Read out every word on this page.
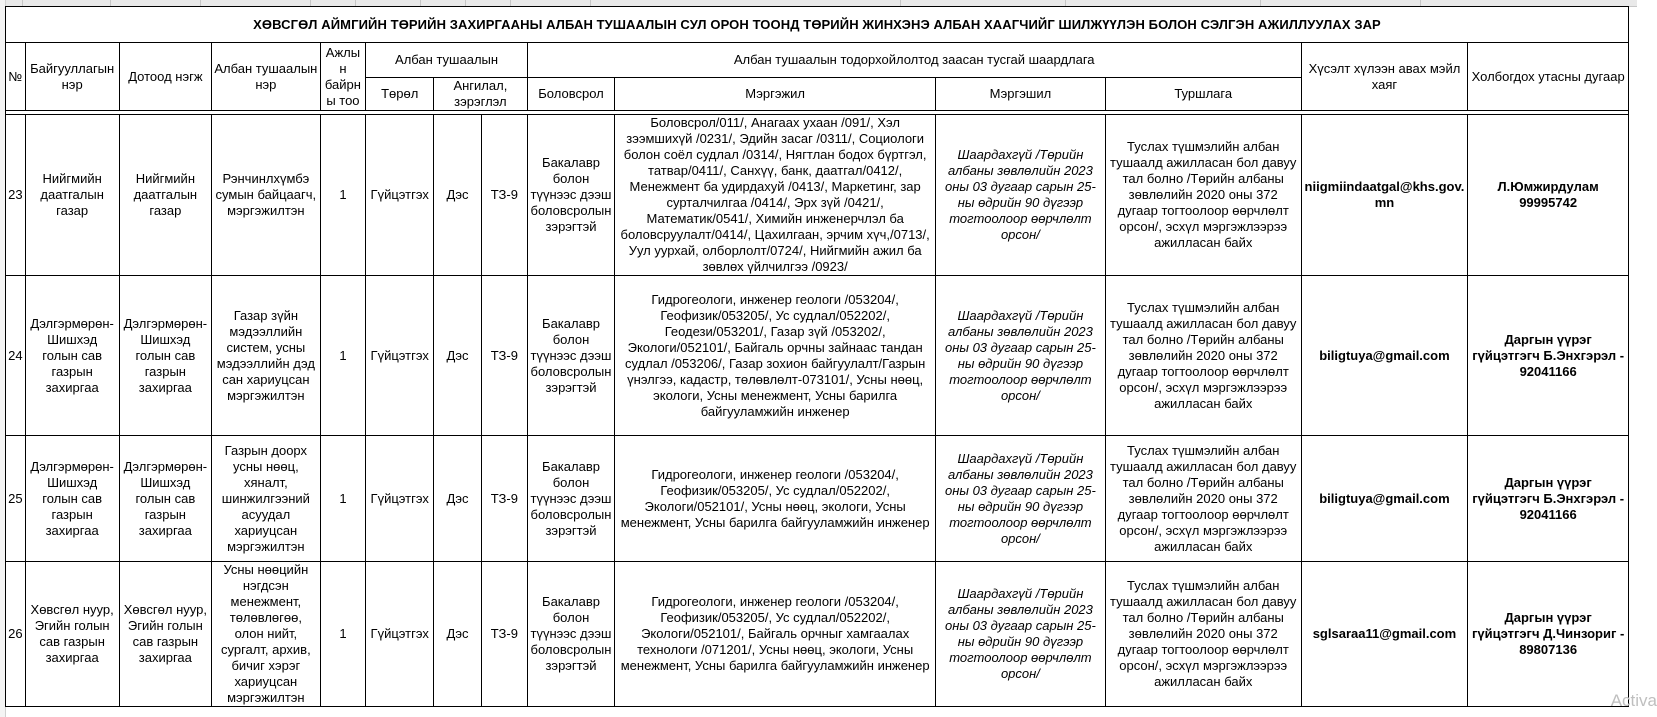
ХӨВСГӨЛ АЙМГИЙН ТӨРИЙН ЗАХИРГААНЫ АЛБАН ТУШААЛЫН СУЛ ОРОН ТООНД ТӨРИЙН ЖИНХЭНЭ АЛБАН ХААГЧИЙГ ШИЛЖҮҮЛЭН БОЛОН СЭЛГЭН АЖИЛЛУУЛАХ ЗАР													
№	Байгууллагын нэр	Дотоод нэгж	Албан тушаалын нэр	Ажлын байрны тоо	Албан тушаалын			Албан тушаалын тодорхойлолтод заасан тусгай шаардлага				Хүсэлт хүлээн авах мэйл хаяг	Холбогдох утасны дугаар
					Төрөл	Ангилал, зэрэглэл		Боловсрол	Мэргэжил	Мэргэшил	Туршлага		

23	Нийгмийн даатгалын газар	Нийгмийн даатгалын газар	Рэнчинлхүмбэ сумын байцаагч, мэргэжилтэн	1	Гүйцэтгэх	Дэс	ТЗ-9	Бакалавр болон түүнээс дээш боловсролын зэрэгтэй	Боловсрол/011/, Анагаах ухаан /091/, Хэл зээмшихүй /0231/, Эдийн засаг /0311/, Социологи болон соёл судлал /0314/, Нягтлан бодох бүртгэл, татвар/0411/, Санхүү, банк, даатгал/0412/, Менежмент ба удирдахуй /0413/, Маркетинг, зар сурталчилгаа /0414/, Эрх зүй /0421/, Математик/0541/, Химийн инженерчлэл ба боловсруулалт/0414/, Цахилгаан, эрчим хүч,/0713/, Уул уурхай, олборлолт/0724/, Нийгмийн ажил ба зөвлөх үйлчилгээ /0923/	Шаардахгүй /Төрийн албаны зөвлөлийн 2023 оны 03 дугаар сарын 25-ны өдрийн 90 дүгээр тогтоолоор өөрчлөлт орсон/	Туслах түшмэлийн албан тушаалд ажилласан бол давуу тал болно /Төрийн албаны зөвлөлийн 2020 оны 372 дугаар тогтоолоор өөрчлөлт орсон/, эсхүл мэргэжлээрээ ажилласан байх	niigmiindaatgal@khs.gov.mn	Л.Юмжирдулам 99995742
24	Дэлгэрмөрөн-Шишхэд голын сав газрын захиргаа	Дэлгэрмөрөн-Шишхэд голын сав газрын захиргаа	Газар зүйн мэдээллийн систем, усны мэдээллийн дэд сан хариуцсан мэргэжилтэн	1	Гүйцэтгэх	Дэс	ТЗ-9	Бакалавр болон түүнээс дээш боловсролын зэрэгтэй	Гидрогеологи, инженер геологи /053204/, Геофизик/053205/, Ус судлал/052202/, Геодези/053201/, Газар зүй /053202/, Экологи/052101/, Байгаль орчны зайнаас тандан судлал /053206/, Газар зохион байгуулалт/Газрын үнэлгээ, кадастр, төлөвлөлт-073101/, Усны нөөц, экологи, Усны менежмент, Усны барилга байгууламжийн инженер	Шаардахгүй /Төрийн албаны зөвлөлийн 2023 оны 03 дугаар сарын 25-ны өдрийн 90 дүгээр тогтоолоор өөрчлөлт орсон/	Туслах түшмэлийн албан тушаалд ажилласан бол давуу тал болно /Төрийн албаны зөвлөлийн 2020 оны 372 дугаар тогтоолоор өөрчлөлт орсон/, эсхүл мэргэжлээрээ ажилласан байх	biligtuya@gmail.com	Даргын үүрэг гүйцэтгэгч Б.Энхгэрэл - 92041166
25	Дэлгэрмөрөн-Шишхэд голын сав газрын захиргаа	Дэлгэрмөрөн-Шишхэд голын сав газрын захиргаа	Газрын доорх усны нөөц, хяналт, шинжилгээний асуудал хариуцсан мэргэжилтэн	1	Гүйцэтгэх	Дэс	ТЗ-9	Бакалавр болон түүнээс дээш боловсролын зэрэгтэй	Гидрогеологи, инженер геологи /053204/, Геофизик/053205/, Ус судлал/052202/, Экологи/052101/, Усны нөөц, экологи, Усны менежмент, Усны барилга байгууламжийн инженер	Шаардахгүй /Төрийн албаны зөвлөлийн 2023 оны 03 дугаар сарын 25-ны өдрийн 90 дүгээр тогтоолоор өөрчлөлт орсон/	Туслах түшмэлийн албан тушаалд ажилласан бол давуу тал болно /Төрийн албаны зөвлөлийн 2020 оны 372 дугаар тогтоолоор өөрчлөлт орсон/, эсхүл мэргэжлээрээ ажилласан байх	biligtuya@gmail.com	Даргын үүрэг гүйцэтгэгч Б.Энхгэрэл - 92041166
26	Хөвсгөл нуур, Эгийн голын сав газрын захиргаа	Хөвсгөл нуур, Эгийн голын сав газрын захиргаа	Усны нөөцийн нэгдсэн менежмент, төлөвлөгөө, олон нийт, сургалт, архив, бичиг хэрэг хариуцсан мэргэжилтэн	1	Гүйцэтгэх	Дэс	ТЗ-9	Бакалавр болон түүнээс дээш боловсролын зэрэгтэй	Гидрогеологи, инженер геологи /053204/, Геофизик/053205/, Ус судлал/052202/, Экологи/052101/, Байгаль орчныг хамгаалах технологи /071201/, Усны нөөц, экологи, Усны менежмент, Усны барилга байгууламжийн инженер	Шаардахгүй /Төрийн албаны зөвлөлийн 2023 оны 03 дугаар сарын 25-ны өдрийн 90 дүгээр тогтоолоор өөрчлөлт орсон/	Туслах түшмэлийн албан тушаалд ажилласан бол давуу тал болно /Төрийн албаны зөвлөлийн 2020 оны 372 дугаар тогтоолоор өөрчлөлт орсон/, эсхүл мэргэжлээрээ ажилласан байх	sglsaraa11@gmail.com	Даргын үүрэг гүйцэтгэгч Д.Чинзориг - 89807136
Activa
